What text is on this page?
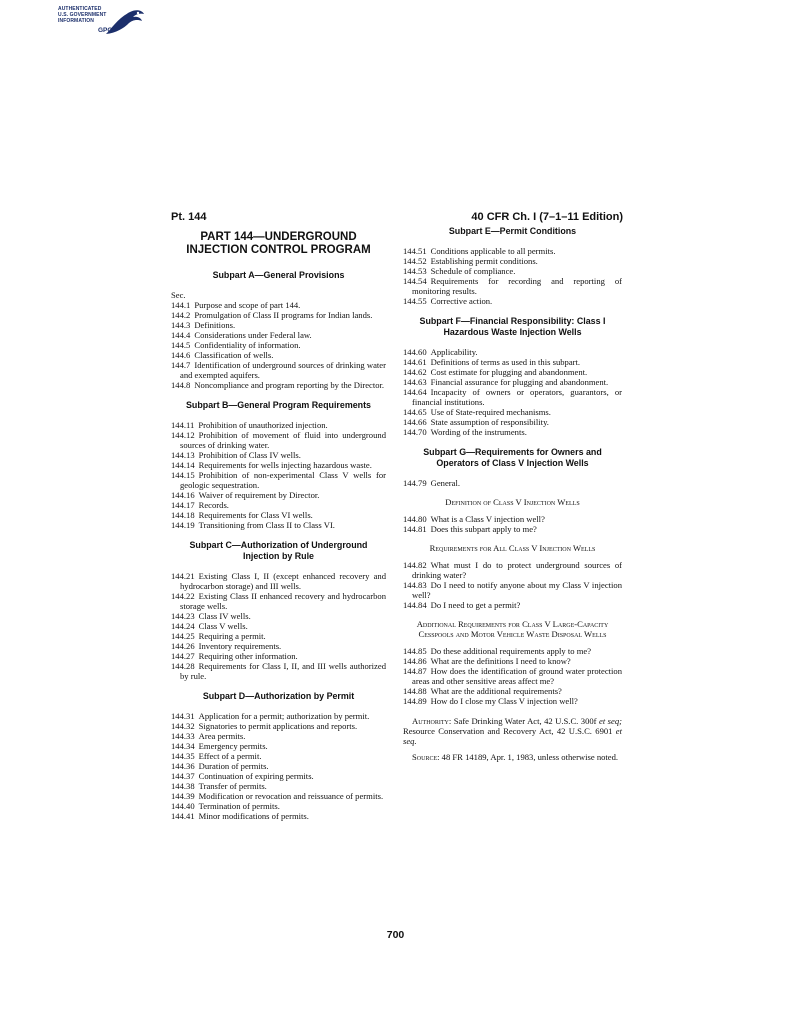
AUTHENTICATED
U.S. GOVERNMENT
INFORMATION
GPO
Pt. 144	40 CFR Ch. I (7–1–11 Edition)
PART 144—UNDERGROUND INJECTION CONTROL PROGRAM
Subpart A—General Provisions
Sec.

144.1 Purpose and scope of part 144.

144.2 Promulgation of Class II programs for Indian lands.

144.3 Definitions.

144.4 Considerations under Federal law.

144.5 Confidentiality of information.

144.6 Classification of wells.

144.7 Identification of underground sources of drinking water and exempted aquifers.

144.8 Noncompliance and program reporting by the Director.

Subpart B—General Program Requirements

144.11 Prohibition of unauthorized injection.

144.12 Prohibition of movement of fluid into underground sources of drinking water.

144.13 Prohibition of Class IV wells.

144.14 Requirements for wells injecting hazardous waste.

144.15 Prohibition of non-experimental Class V wells for geologic sequestration.

144.16 Waiver of requirement by Director.

144.17 Records.

144.18 Requirements for Class VI wells.

144.19 Transitioning from Class II to Class VI.

Subpart C—Authorization of Underground Injection by Rule

144.21 Existing Class I, II (except enhanced recovery and hydrocarbon storage) and III wells.

144.22 Existing Class II enhanced recovery and hydrocarbon storage wells.

144.23 Class IV wells.

144.24 Class V wells.

144.25 Requiring a permit.

144.26 Inventory requirements.

144.27 Requiring other information.

144.28 Requirements for Class I, II, and III wells authorized by rule.

Subpart D—Authorization by Permit

144.31 Application for a permit; authorization by permit.

144.32 Signatories to permit applications and reports.

144.33 Area permits.

144.34 Emergency permits.

144.35 Effect of a permit.

144.36 Duration of permits.

144.37 Continuation of expiring permits.

144.38 Transfer of permits.

144.39 Modification or revocation and reissuance of permits.

144.40 Termination of permits.

144.41 Minor modifications of permits.

Subpart E—Permit Conditions

144.51 Conditions applicable to all permits.

144.52 Establishing permit conditions.

144.53 Schedule of compliance.

144.54 Requirements for recording and reporting of monitoring results.

144.55 Corrective action.

Subpart F—Financial Responsibility: Class I Hazardous Waste Injection Wells

144.60 Applicability.

144.61 Definitions of terms as used in this subpart.

144.62 Cost estimate for plugging and abandonment.

144.63 Financial assurance for plugging and abandonment.

144.64 Incapacity of owners or operators, guarantors, or financial institutions.

144.65 Use of State-required mechanisms.

144.66 State assumption of responsibility.

144.70 Wording of the instruments.

Subpart G—Requirements for Owners and Operators of Class V Injection Wells

144.79 General.

Definition of Class V Injection Wells

144.80 What is a Class V injection well?

144.81 Does this subpart apply to me?

Requirements for All Class V Injection Wells

144.82 What must I do to protect underground sources of drinking water?

144.83 Do I need to notify anyone about my Class V injection well?

144.84 Do I need to get a permit?

Additional Requirements for Class V Large-Capacity Cesspools and Motor Vehicle Waste Disposal Wells

144.85 Do these additional requirements apply to me?

144.86 What are the definitions I need to know?

144.87 How does the identification of ground water protection areas and other sensitive areas affect me?

144.88 What are the additional requirements?

144.89 How do I close my Class V injection well?

Authority: Safe Drinking Water Act, 42 U.S.C. 300f et seq; Resource Conservation and Recovery Act, 42 U.S.C. 6901 et seq.

Source: 48 FR 14189, Apr. 1, 1983, unless otherwise noted.

700
